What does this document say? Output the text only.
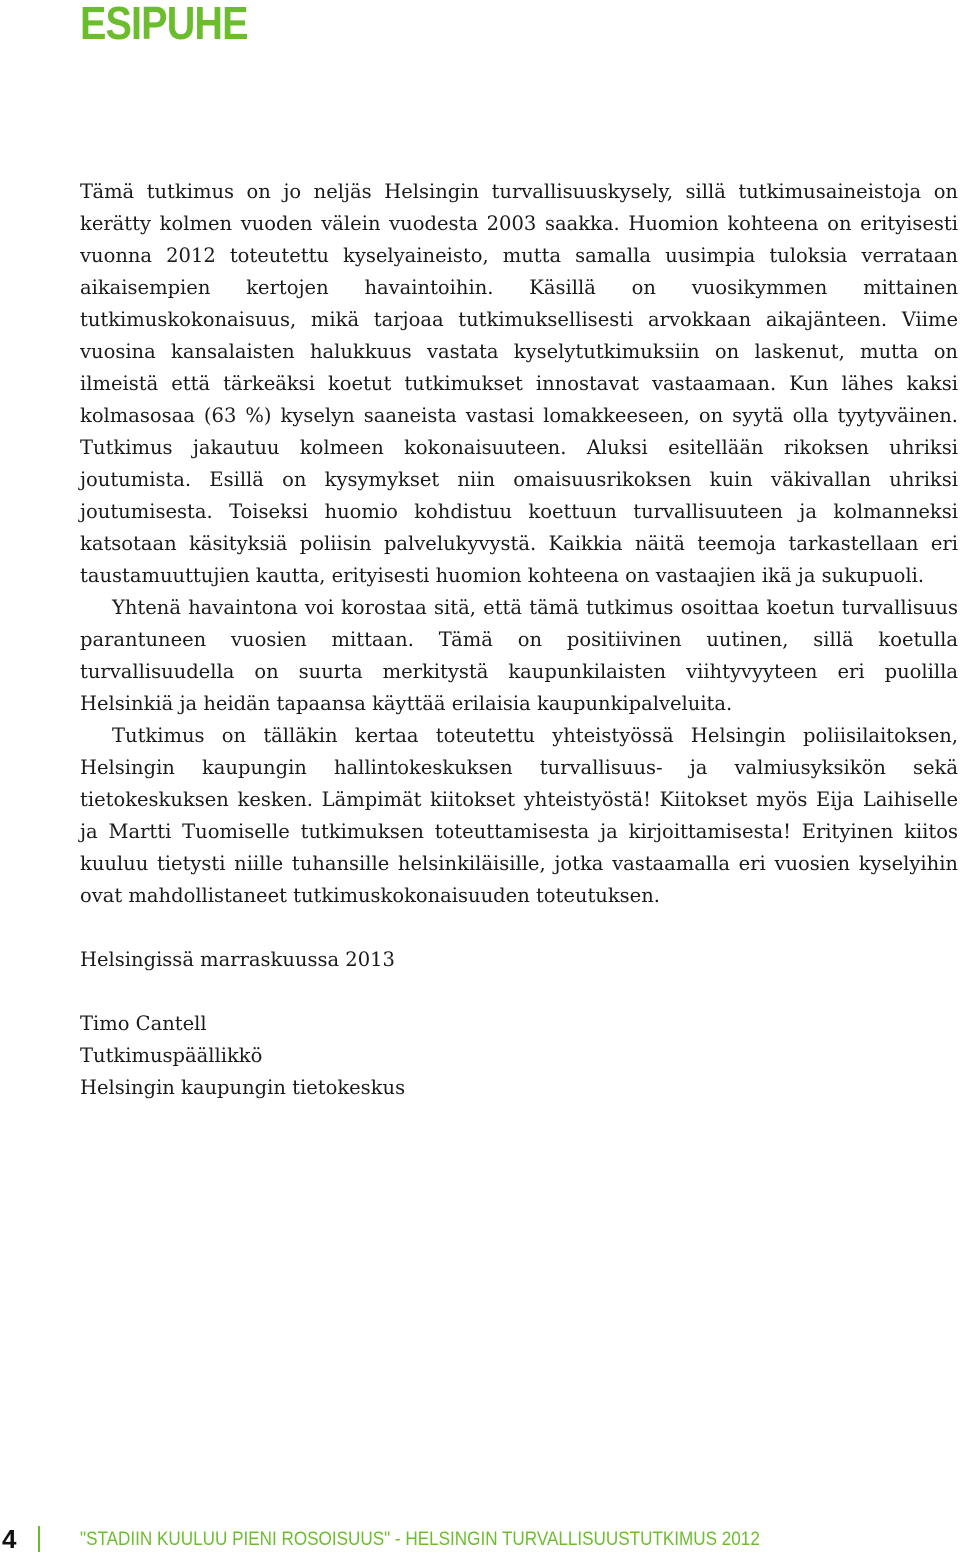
ESIPUHE

Tämä tutkimus on jo neljäs Helsingin turvallisuuskysely, sillä tutkimusaineistoja on kerätty kolmen vuoden välein vuodesta 2003 saakka. Huomion kohteena on erityisesti vuonna 2012 toteutettu kyselyaineisto, mutta samalla uusimpia tuloksia verrataan aikaisempien kertojen havaintoihin. Käsillä on vuosikymmen mittainen tutkimuskokonaisuus, mikä tarjoaa tutkimuksellisesti arvokkaan aikajänteen. Viime vuosina kansalaisten halukkuus vastata kyselytutkimuksiin on laskenut, mutta on ilmeistä että tärkeäksi koetut tutkimukset innostavat vastaamaan. Kun lähes kaksi kolmasosaa (63 %) kyselyn saaneista vastasi lomakkeeseen, on syytä olla tyytyväinen. Tutkimus jakautuu kolmeen kokonaisuuteen. Aluksi esitellään rikoksen uhriksi joutumista. Esillä on kysymykset niin omaisuusrikoksen kuin väkivallan uhriksi joutumisesta. Toiseksi huomio kohdistuu koettuun turvallisuuteen ja kolmanneksi katsotaan käsityksiä poliisin palvelukyvystä. Kaikkia näitä teemoja tarkastellaan eri taustamuuttujien kautta, erityisesti huomion kohteena on vastaajien ikä ja sukupuoli.

Yhtenä havaintona voi korostaa sitä, että tämä tutkimus osoittaa koetun turvallisuus parantuneen vuosien mittaan. Tämä on positiivinen uutinen, sillä koetulla turvallisuudella on suurta merkitystä kaupunkilaisten viihtyvyyteen eri puolilla Helsinkiä ja heidän tapaansa käyttää erilaisia kaupunkipalveluita.

Tutkimus on tälläkin kertaa toteutettu yhteistyössä Helsingin poliisilaitoksen, Helsingin kaupungin hallintokeskuksen turvallisuus- ja valmiusyksikön sekä tietokeskuksen kesken. Lämpimät kiitokset yhteistyöstä! Kiitokset myös Eija Laihiselle ja Martti Tuomiselle tutkimuksen toteuttamisesta ja kirjoittamisesta! Erityinen kiitos kuuluu tietysti niille tuhansille helsinkiläisille, jotka vastaamalla eri vuosien kyselyihin ovat mahdollistaneet tutkimuskokonaisuuden toteutuksen.

Helsingissä marraskuussa 2013

Timo Cantell

Tutkimuspäällikkö

Helsingin kaupungin tietokeskus

4	"STADIIN KUULUU PIENI ROSOISUUS" - HELSINGIN TURVALLISUUSTUTKIMUS 2012
